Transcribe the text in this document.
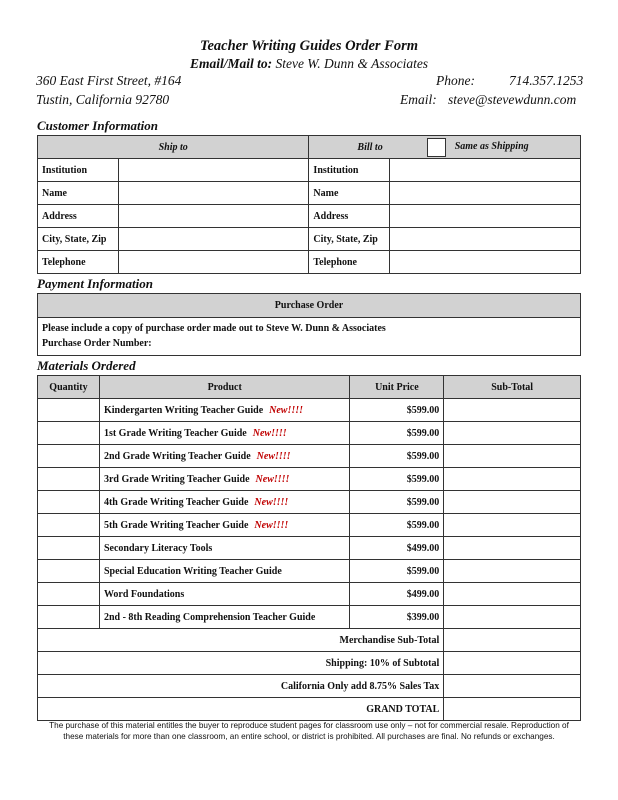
Teacher Writing Guides Order Form
Email/Mail to: Steve W. Dunn & Associates
360 East First Street, #164
Tustin, California 92780
Phone:	714.357.1253
Email: steve@stevewdunn.com
Customer Information
Ship to		Bill to Same as Shipping	
Institution		Institution	
Name		Name	
Address		Address	
City, State, Zip		City, State, Zip	
Telephone		Telephone	
Payment Information
Purchase Order

Please include a copy of purchase order made out to Steve W. Dunn & Associates
Purchase Order Number:
Materials Ordered
Quantity	Product	Unit Price	Sub-Total
	Kindergarten Writing Teacher Guide New!!!!	$599.00	
	1st Grade Writing Teacher Guide New!!!!	$599.00	
	2nd Grade Writing Teacher Guide New!!!!	$599.00	
	3rd Grade Writing Teacher Guide New!!!!	$599.00	
	4th Grade Writing Teacher Guide New!!!!	$599.00	
	5th Grade Writing Teacher Guide New!!!!	$599.00	
	Secondary Literacy Tools	$499.00	
	Special Education Writing Teacher Guide	$599.00	
	Word Foundations	$499.00	
	2nd - 8th Reading Comprehension Teacher Guide	$399.00	
Merchandise Sub-Total			
Shipping: 10% of Subtotal			
California Only add 8.75% Sales Tax			
GRAND TOTAL			
The purchase of this material entitles the buyer to reproduce student pages for classroom use only – not for commercial resale. Reproduction of
these materials for more than one classroom, an entire school, or district is prohibited. All purchases are final. No refunds or exchanges.
